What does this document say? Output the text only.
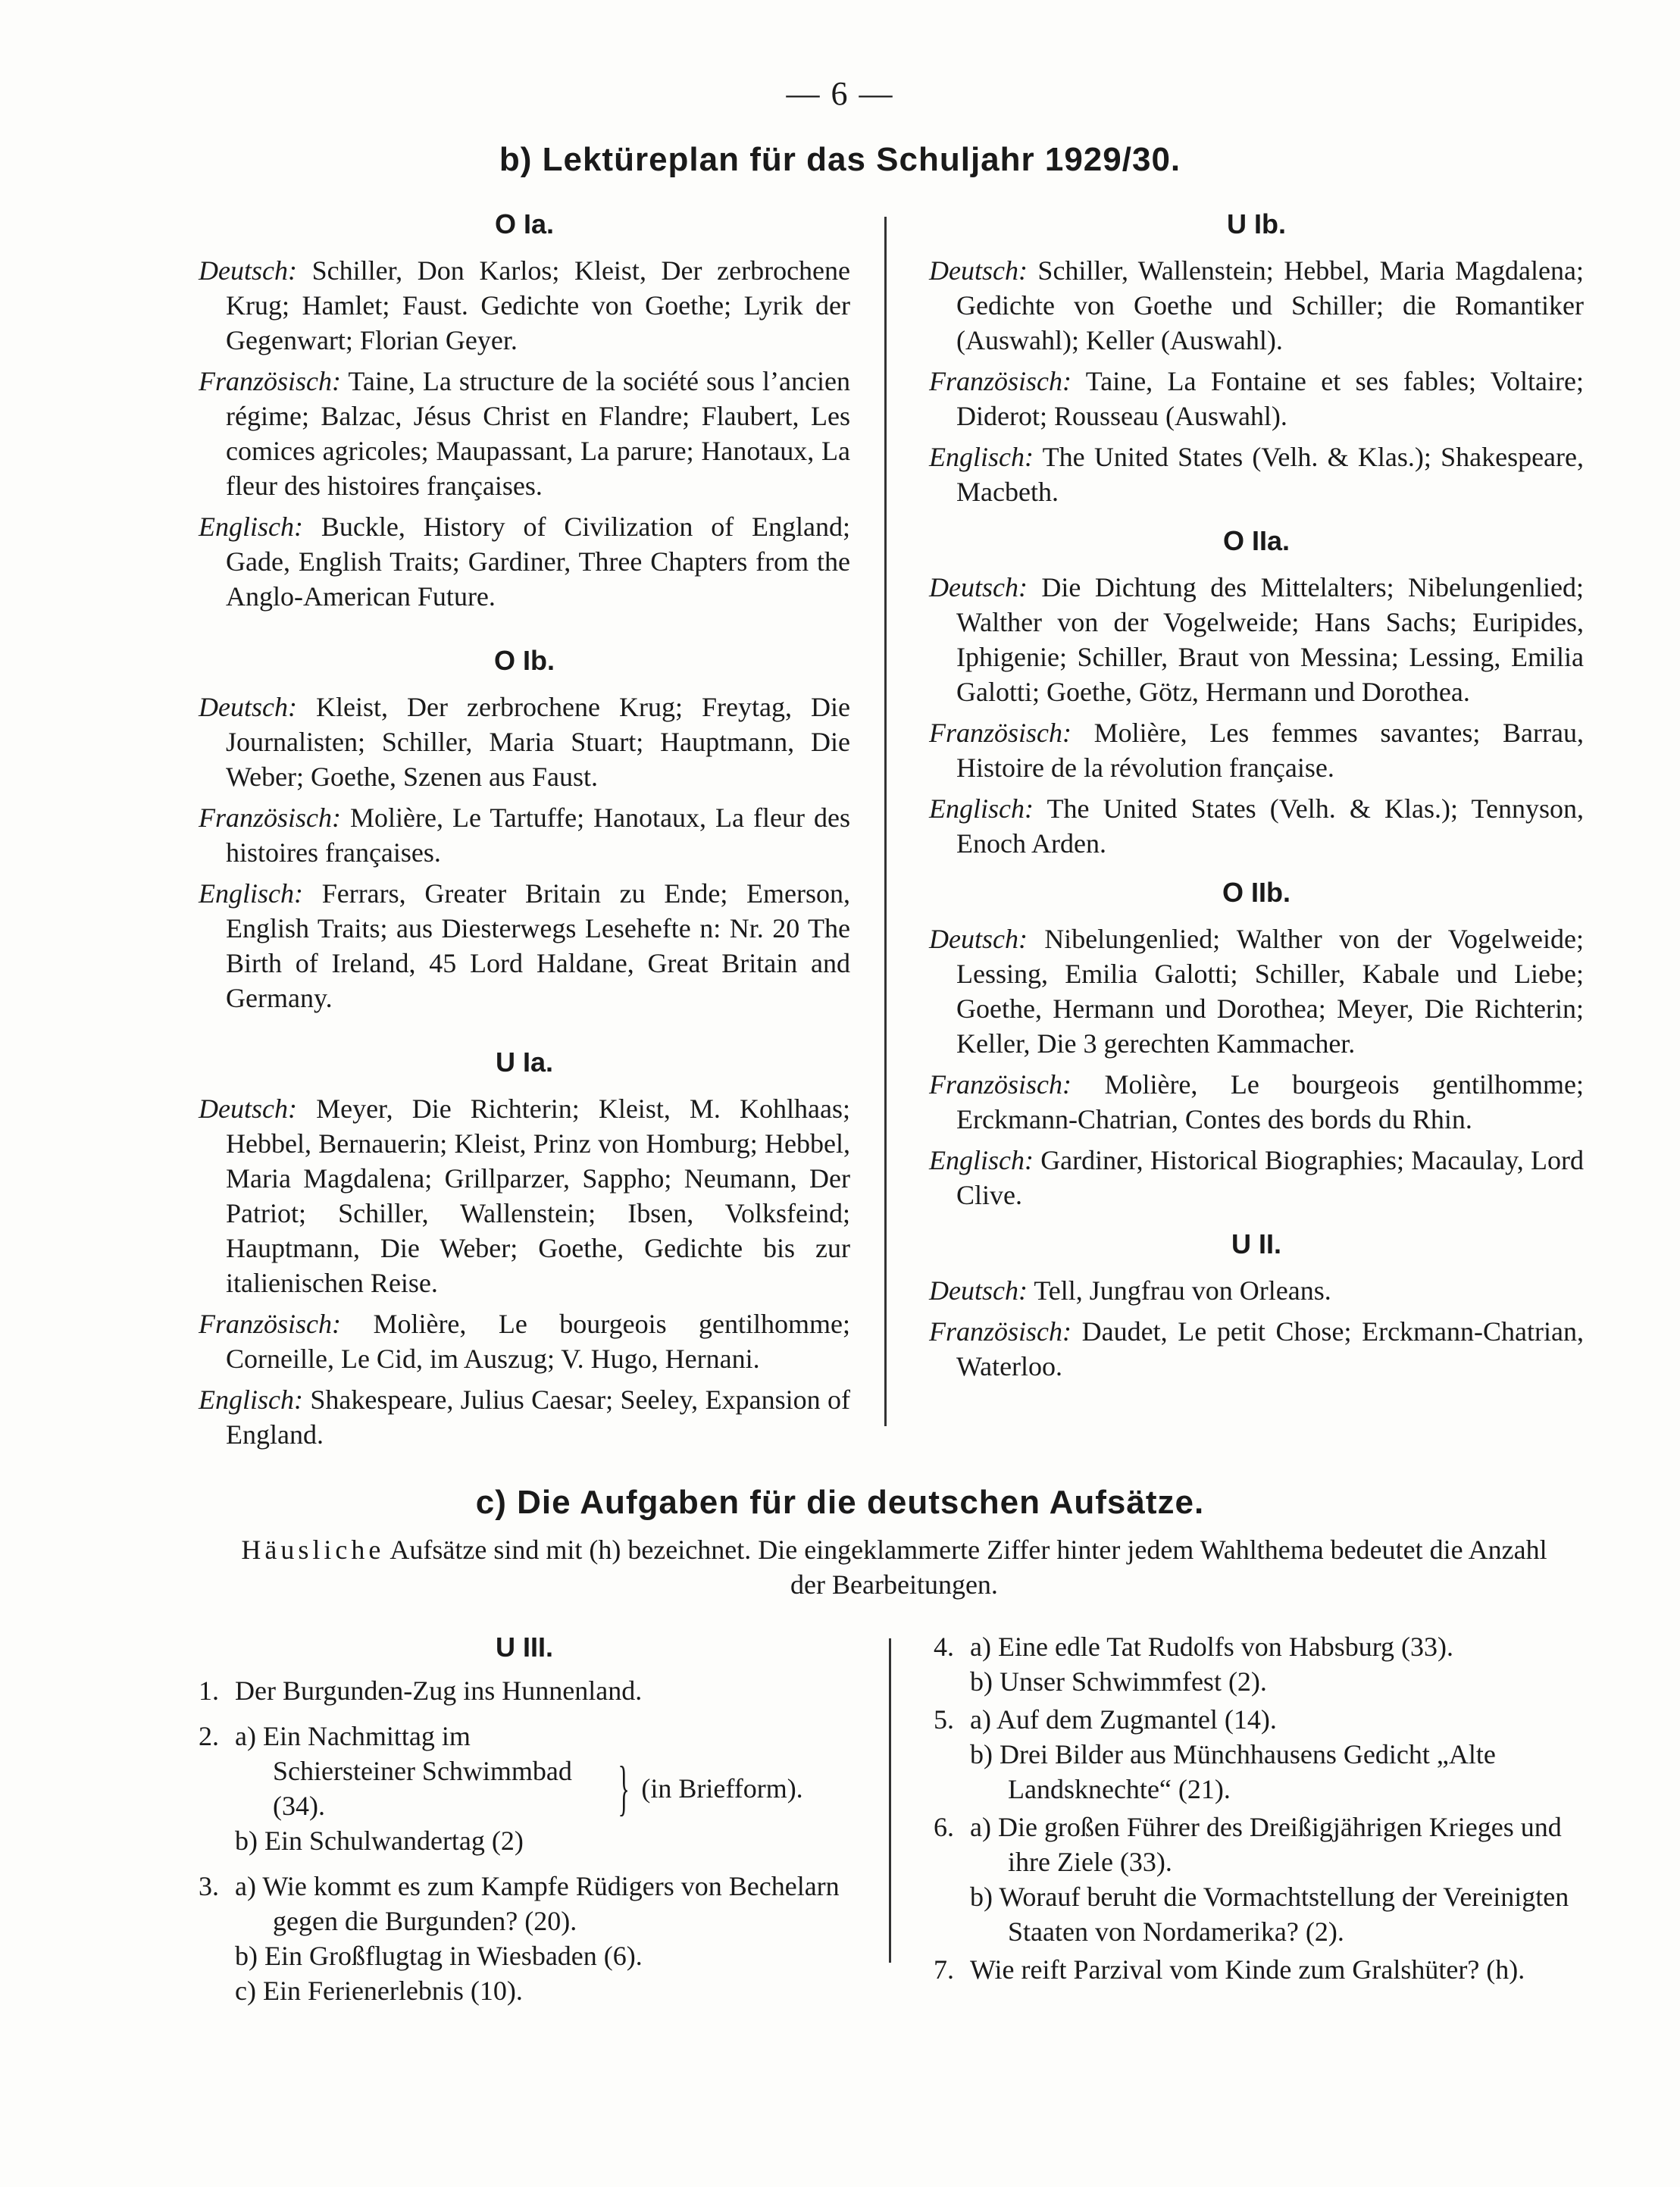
— 6 —
b) Lektüreplan für das Schuljahr 1929/30.
O Ia.
Deutsch: Schiller, Don Karlos; Kleist, Der zerbrochene Krug; Hamlet; Faust. Gedichte von Goethe; Lyrik der Gegenwart; Florian Geyer.
Französisch: Taine, La structure de la société sous l’ancien régime; Balzac, Jésus Christ en Flandre; Flaubert, Les comices agricoles; Maupassant, La parure; Hanotaux, La fleur des histoires françaises.
Englisch: Buckle, History of Civilization of England; Gade, English Traits; Gardiner, Three Chapters from the Anglo-American Future.
O Ib.
Deutsch: Kleist, Der zerbrochene Krug; Freytag, Die Journalisten; Schiller, Maria Stuart; Hauptmann, Die Weber; Goethe, Szenen aus Faust.
Französisch: Molière, Le Tartuffe; Hanotaux, La fleur des histoires françaises.
Englisch: Ferrars, Greater Britain zu Ende; Emerson, English Traits; aus Diesterwegs Lesehefte n: Nr. 20 The Birth of Ireland, 45 Lord Haldane, Great Britain and Germany.
U Ia.
Deutsch: Meyer, Die Richterin; Kleist, M. Kohlhaas; Hebbel, Bernauerin; Kleist, Prinz von Homburg; Hebbel, Maria Magdalena; Grillparzer, Sappho; Neumann, Der Patriot; Schiller, Wallenstein; Ibsen, Volksfeind; Hauptmann, Die Weber; Goethe, Gedichte bis zur italienischen Reise.
Französisch: Molière, Le bourgeois gentilhomme; Corneille, Le Cid, im Auszug; V. Hugo, Hernani.
Englisch: Shakespeare, Julius Caesar; Seeley, Expansion of England.
U Ib.
Deutsch: Schiller, Wallenstein; Hebbel, Maria Magdalena; Gedichte von Goethe und Schiller; die Romantiker (Auswahl); Keller (Auswahl).
Französisch: Taine, La Fontaine et ses fables; Voltaire; Diderot; Rousseau (Auswahl).
Englisch: The United States (Velh. & Klas.); Shakespeare, Macbeth.
O IIa.
Deutsch: Die Dichtung des Mittelalters; Nibelungenlied; Walther von der Vogelweide; Hans Sachs; Euripides, Iphigenie; Schiller, Braut von Messina; Lessing, Emilia Galotti; Goethe, Götz, Hermann und Dorothea.
Französisch: Molière, Les femmes savantes; Barrau, Histoire de la révolution française.
Englisch: The United States (Velh. & Klas.); Tennyson, Enoch Arden.
O IIb.
Deutsch: Nibelungenlied; Walther von der Vogelweide; Lessing, Emilia Galotti; Schiller, Kabale und Liebe; Goethe, Hermann und Dorothea; Meyer, Die Richterin; Keller, Die 3 gerechten Kammacher.
Französisch: Molière, Le bourgeois gentilhomme; Erckmann-Chatrian, Contes des bords du Rhin.
Englisch: Gardiner, Historical Biographies; Macaulay, Lord Clive.
U II.
Deutsch: Tell, Jungfrau von Orleans.
Französisch: Daudet, Le petit Chose; Erckmann-Chatrian, Waterloo.
c) Die Aufgaben für die deutschen Aufsätze.
Häusliche Aufsätze sind mit (h) bezeichnet. Die eingeklammerte Ziffer hinter jedem Wahlthema bedeutet die Anzahl der Bearbeitungen.
U III.
1. Der Burgunden-Zug ins Hunnenland.
2. a) Ein Nachmittag im Schiersteiner Schwimmbad (34).
b) Ein Schulwandertag (2)
} (in Briefform).
3. a) Wie kommt es zum Kampfe Rüdigers von Bechelarn gegen die Burgunden? (20).
b) Ein Großflugtag in Wiesbaden (6).
c) Ein Ferienerlebnis (10).
4. a) Eine edle Tat Rudolfs von Habsburg (33).
b) Unser Schwimmfest (2).
5. a) Auf dem Zugmantel (14).
b) Drei Bilder aus Münchhausens Gedicht „Alte Landsknechte“ (21).
6. a) Die großen Führer des Dreißigjährigen Krieges und ihre Ziele (33).
b) Worauf beruht die Vormachtstellung der Vereinigten Staaten von Nordamerika? (2).
7. Wie reift Parzival vom Kinde zum Gralshüter? (h).
